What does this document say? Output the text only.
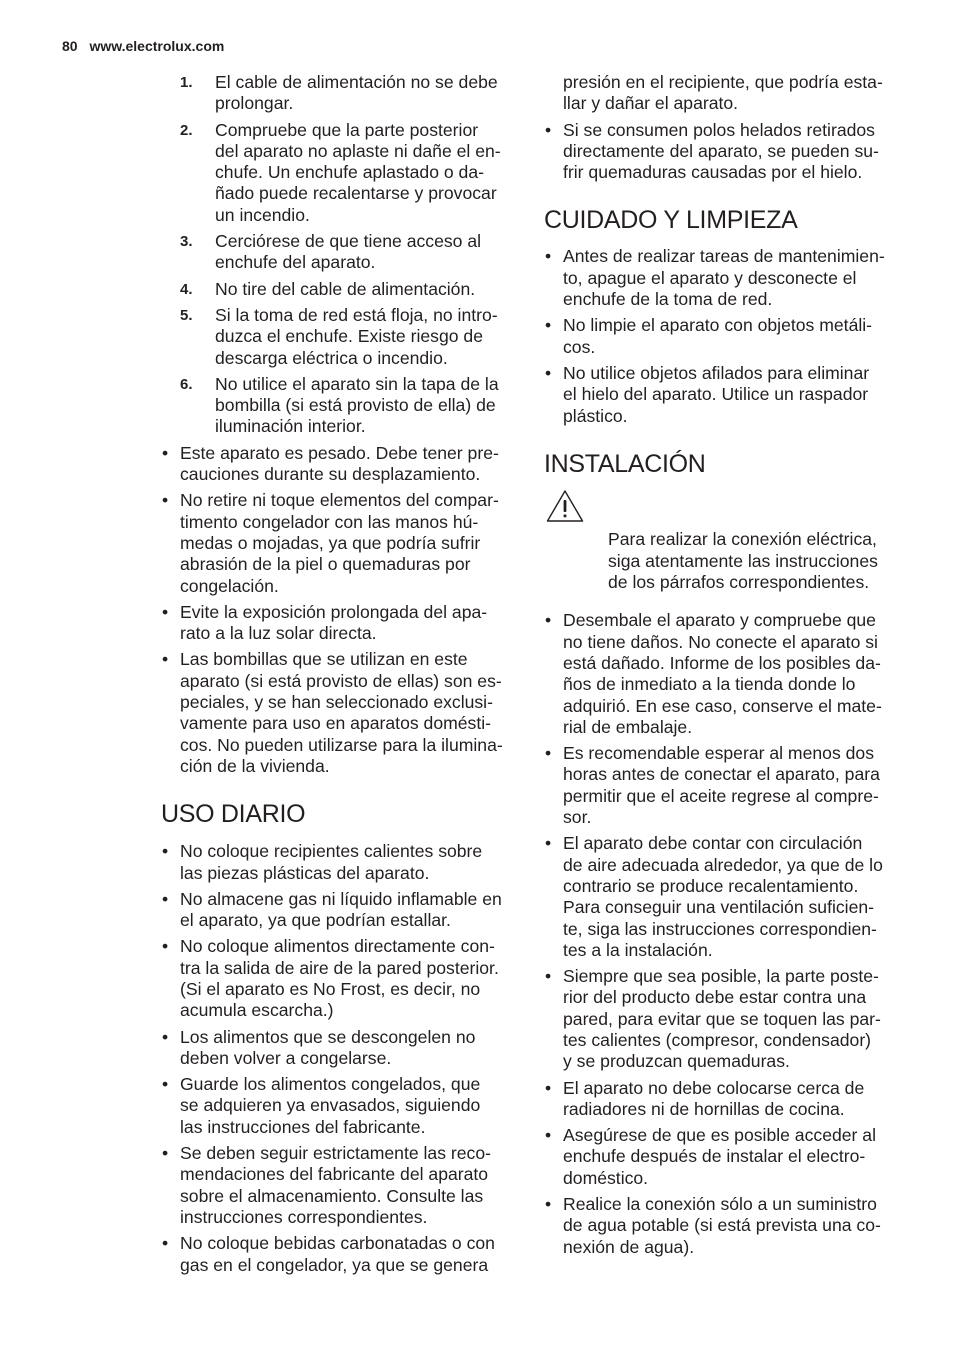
80 www.electrolux.com
1. El cable de alimentación no se debe
prolongar.
2. Compruebe que la parte posterior
del aparato no aplaste ni dañe el en-
chufe. Un enchufe aplastado o da-
ñado puede recalentarse y provocar
un incendio.
3. Cerciórese de que tiene acceso al
enchufe del aparato.
4. No tire del cable de alimentación.
5. Si la toma de red está floja, no intro-
duzca el enchufe. Existe riesgo de
descarga eléctrica o incendio.
6. No utilice el aparato sin la tapa de la
bombilla (si está provisto de ella) de
iluminación interior.
• Este aparato es pesado. Debe tener pre-
cauciones durante su desplazamiento.
• No retire ni toque elementos del compar-
timento congelador con las manos hú-
medas o mojadas, ya que podría sufrir
abrasión de la piel o quemaduras por
congelación.
• Evite la exposición prolongada del apa-
rato a la luz solar directa.
• Las bombillas que se utilizan en este
aparato (si está provisto de ellas) son es-
peciales, y se han seleccionado exclusi-
vamente para uso en aparatos domésti-
cos. No pueden utilizarse para la ilumina-
ción de la vivienda.
USO DIARIO
• No coloque recipientes calientes sobre
las piezas plásticas del aparato.
• No almacene gas ni líquido inflamable en
el aparato, ya que podrían estallar.
• No coloque alimentos directamente con-
tra la salida de aire de la pared posterior.
(Si el aparato es No Frost, es decir, no
acumula escarcha.)
• Los alimentos que se descongelen no
deben volver a congelarse.
• Guarde los alimentos congelados, que
se adquieren ya envasados, siguiendo
las instrucciones del fabricante.
• Se deben seguir estrictamente las reco-
mendaciones del fabricante del aparato
sobre el almacenamiento. Consulte las
instrucciones correspondientes.
• No coloque bebidas carbonatadas o con
gas en el congelador, ya que se genera
presión en el recipiente, que podría esta-
llar y dañar el aparato.
• Si se consumen polos helados retirados
directamente del aparato, se pueden su-
frir quemaduras causadas por el hielo.
CUIDADO Y LIMPIEZA
• Antes de realizar tareas de mantenimien-
to, apague el aparato y desconecte el
enchufe de la toma de red.
• No limpie el aparato con objetos metáli-
cos.
• No utilice objetos afilados para eliminar
el hielo del aparato. Utilice un raspador
plástico.
INSTALACIÓN

Para realizar la conexión eléctrica,
siga atentamente las instrucciones
de los párrafos correspondientes.

• Desembale el aparato y compruebe que
no tiene daños. No conecte el aparato si
está dañado. Informe de los posibles da-
ños de inmediato a la tienda donde lo
adquirió. En ese caso, conserve el mate-
rial de embalaje.
• Es recomendable esperar al menos dos
horas antes de conectar el aparato, para
permitir que el aceite regrese al compre-
sor.
• El aparato debe contar con circulación
de aire adecuada alrededor, ya que de lo
contrario se produce recalentamiento.
Para conseguir una ventilación suficien-
te, siga las instrucciones correspondien-
tes a la instalación.
• Siempre que sea posible, la parte poste-
rior del producto debe estar contra una
pared, para evitar que se toquen las par-
tes calientes (compresor, condensador)
y se produzcan quemaduras.
• El aparato no debe colocarse cerca de
radiadores ni de hornillas de cocina.
• Asegúrese de que es posible acceder al
enchufe después de instalar el electro-
doméstico.
• Realice la conexión sólo a un suministro
de agua potable (si está prevista una co-
nexión de agua).
